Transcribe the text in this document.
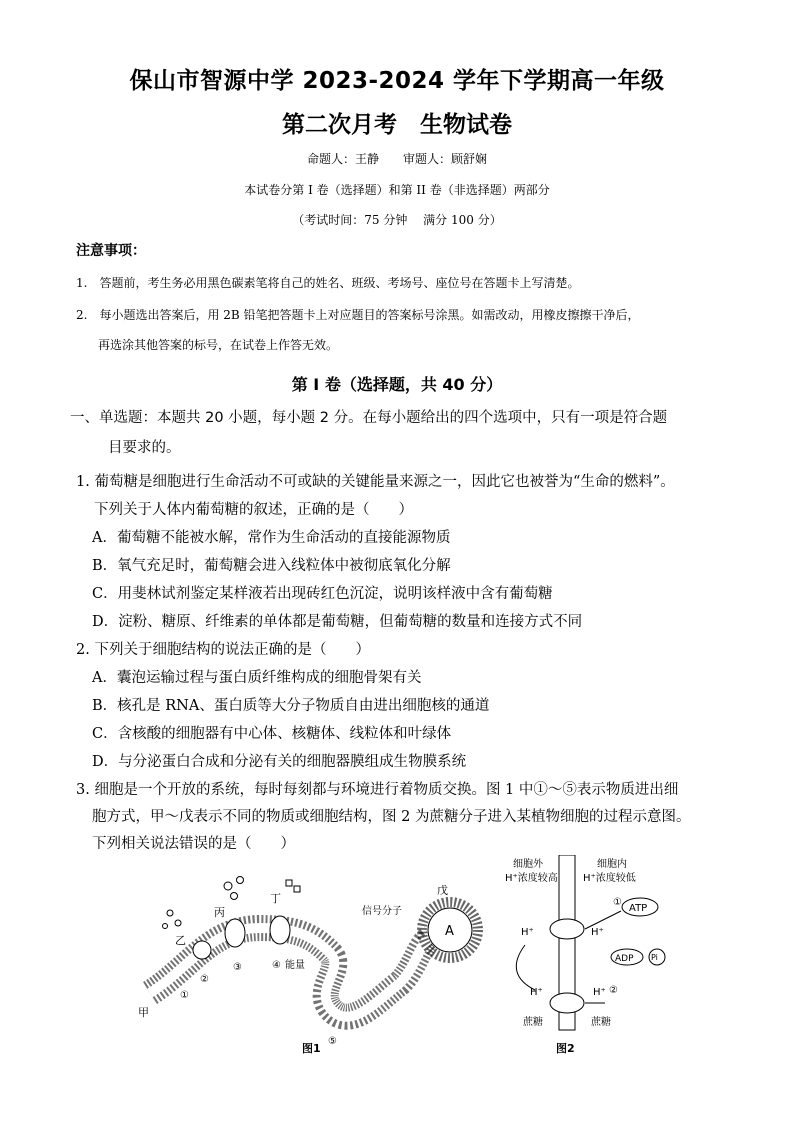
保山市智源中学 2023-2024 学年下学期高一年级
第二次月考　生物试卷
命题人：王静　　审题人：顾舒娴
本试卷分第 I 卷（选择题）和第 II 卷（非选择题）两部分
（考试时间：75 分钟　 满分 100 分）
注意事项：
1.　答题前，考生务必用黑色碳素笔将自己的姓名、班级、考场号、座位号在答题卡上写清楚。
2.　每小题选出答案后，用 2B 铅笔把答题卡上对应题目的答案标号涂黑。如需改动，用橡皮擦擦干净后，
再选涂其他答案的标号，在试卷上作答无效。
第 I 卷（选择题，共 40 分）
一、单选题：本题共 20 小题，每小题 2 分。在每小题给出的四个选项中，只有一项是符合题
目要求的。
1. 葡萄糖是细胞进行生命活动不可或缺的关键能量来源之一，因此它也被誉为“生命的燃料”。
下列关于人体内葡萄糖的叙述，正确的是（　　）
A．葡萄糖不能被水解，常作为生命活动的直接能源物质
B．氧气充足时，葡萄糖会进入线粒体中被彻底氧化分解
C．用斐林试剂鉴定某样液若出现砖红色沉淀，说明该样液中含有葡萄糖
D．淀粉、糖原、纤维素的单体都是葡萄糖，但葡萄糖的数量和连接方式不同
2. 下列关于细胞结构的说法正确的是（　　）
A．囊泡运输过程与蛋白质纤维构成的细胞骨架有关
B．核孔是 RNA、蛋白质等大分子物质自由进出细胞核的通道
C．含核酸的细胞器有中心体、核糖体、线粒体和叶绿体
D．与分泌蛋白合成和分泌有关的细胞器膜组成生物膜系统
3. 细胞是一个开放的系统，每时每刻都与环境进行着物质交换。图 1 中①～⑤表示物质进出细
胞方式，甲～戊表示不同的物质或细胞结构，图 2 为蔗糖分子进入某植物细胞的过程示意图。
下列相关说法错误的是（　　）
A
甲
乙
丙
丁
戊
信号分子
能量
①
②
③	④
⑤
图1
细胞外
H⁺浓度较高
细胞内
H⁺浓度较低
ATP
ADP Pi
H⁺	H⁺
H⁺	H⁺
蔗糖	蔗糖
①
②
图2
